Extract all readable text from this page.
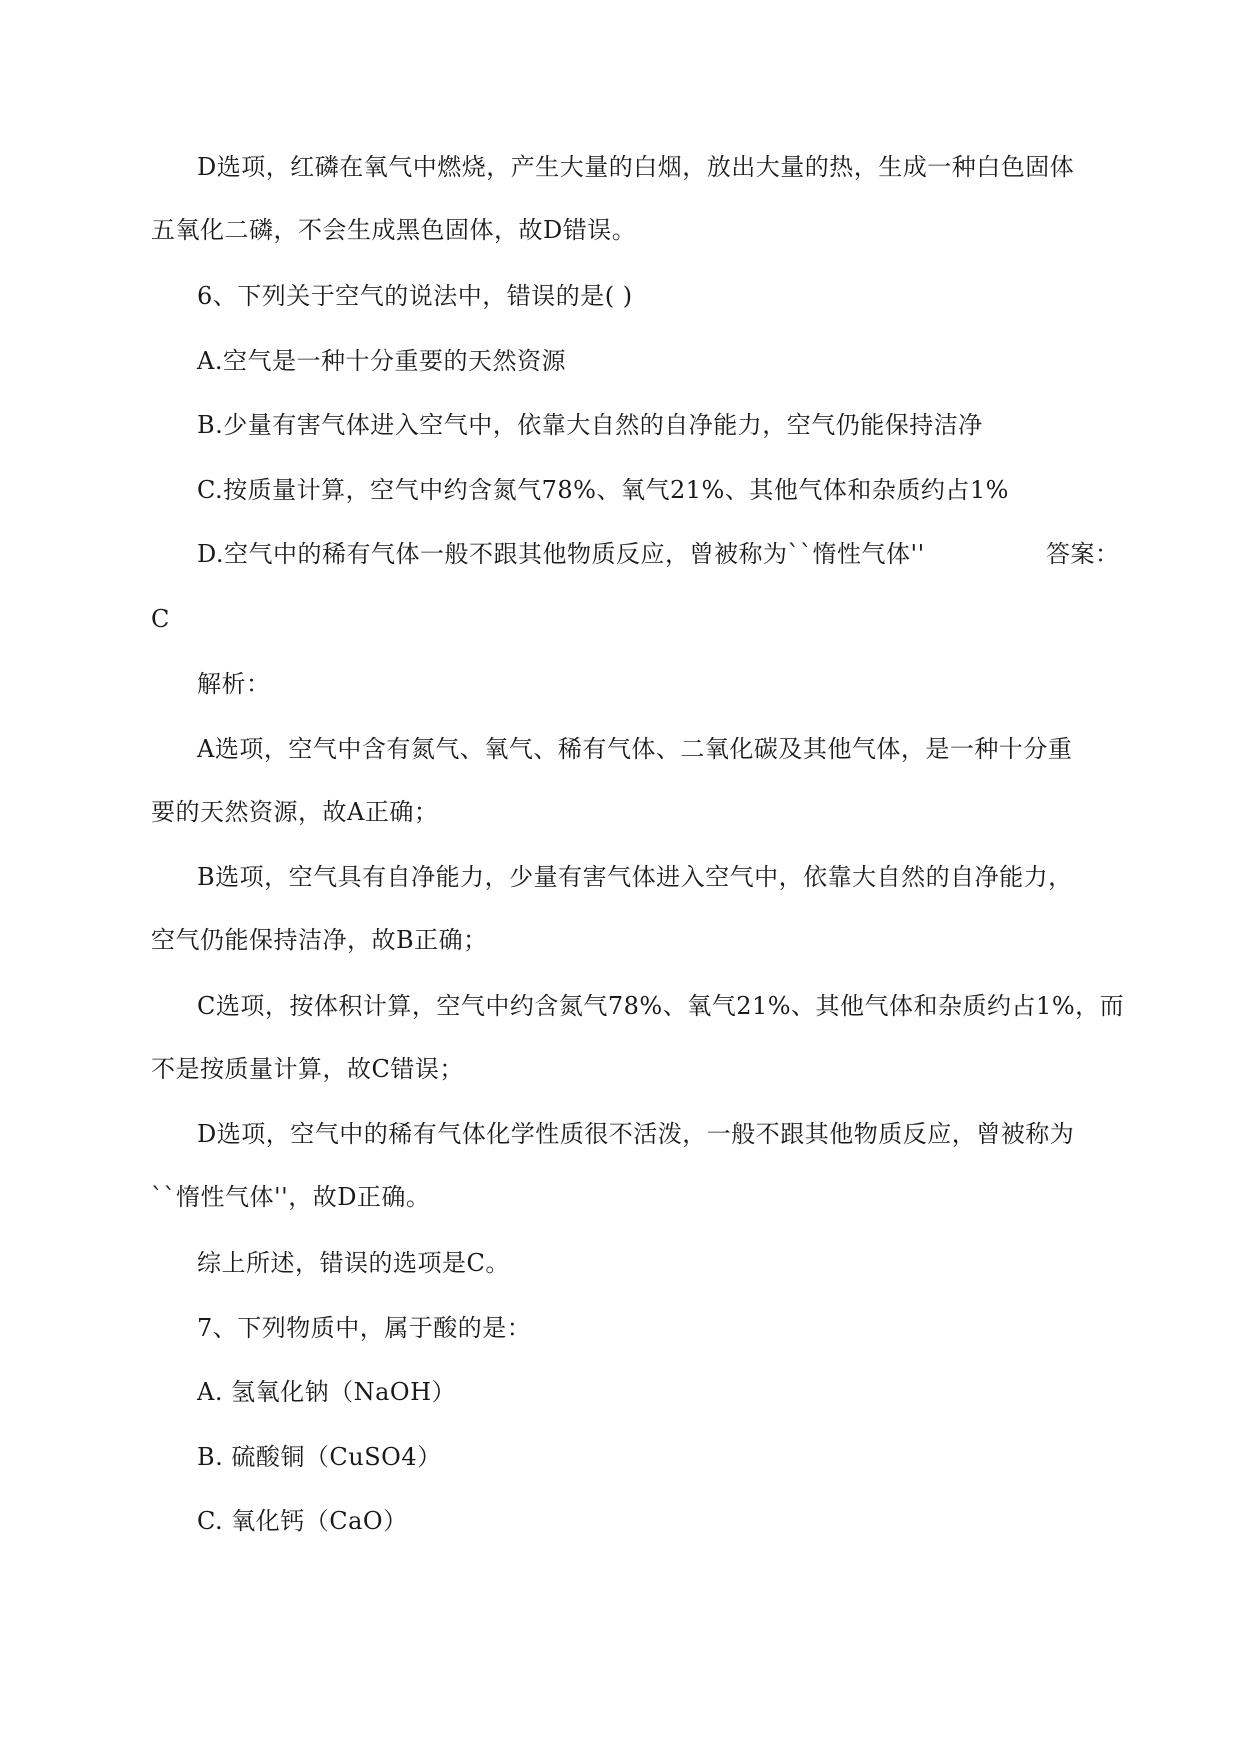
D选项，红磷在氧气中燃烧，产生大量的白烟，放出大量的热，生成一种白色固体
五氧化二磷，不会生成黑色固体，故D错误。
6、下列关于空气的说法中，错误的是( )
A.空气是一种十分重要的天然资源
B.少量有害气体进入空气中，依靠大自然的自净能力，空气仍能保持洁净
C.按质量计算，空气中约含氮气78%、氧气21%、其他气体和杂质约占1%
D.空气中的稀有气体一般不跟其他物质反应，曾被称为``惰性气体''	答案：
C
解析：
A选项，空气中含有氮气、氧气、稀有气体、二氧化碳及其他气体，是一种十分重
要的天然资源，故A正确；
B选项，空气具有自净能力，少量有害气体进入空气中，依靠大自然的自净能力，
空气仍能保持洁净，故B正确；
C选项，按体积计算，空气中约含氮气78%、氧气21%、其他气体和杂质约占1%，而
不是按质量计算，故C错误；
D选项，空气中的稀有气体化学性质很不活泼，一般不跟其他物质反应，曾被称为
``惰性气体''，故D正确。
综上所述，错误的选项是C。
7、下列物质中，属于酸的是：
A. 氢氧化钠（NaOH）
B. 硫酸铜（CuSO4）
C. 氧化钙（CaO）
